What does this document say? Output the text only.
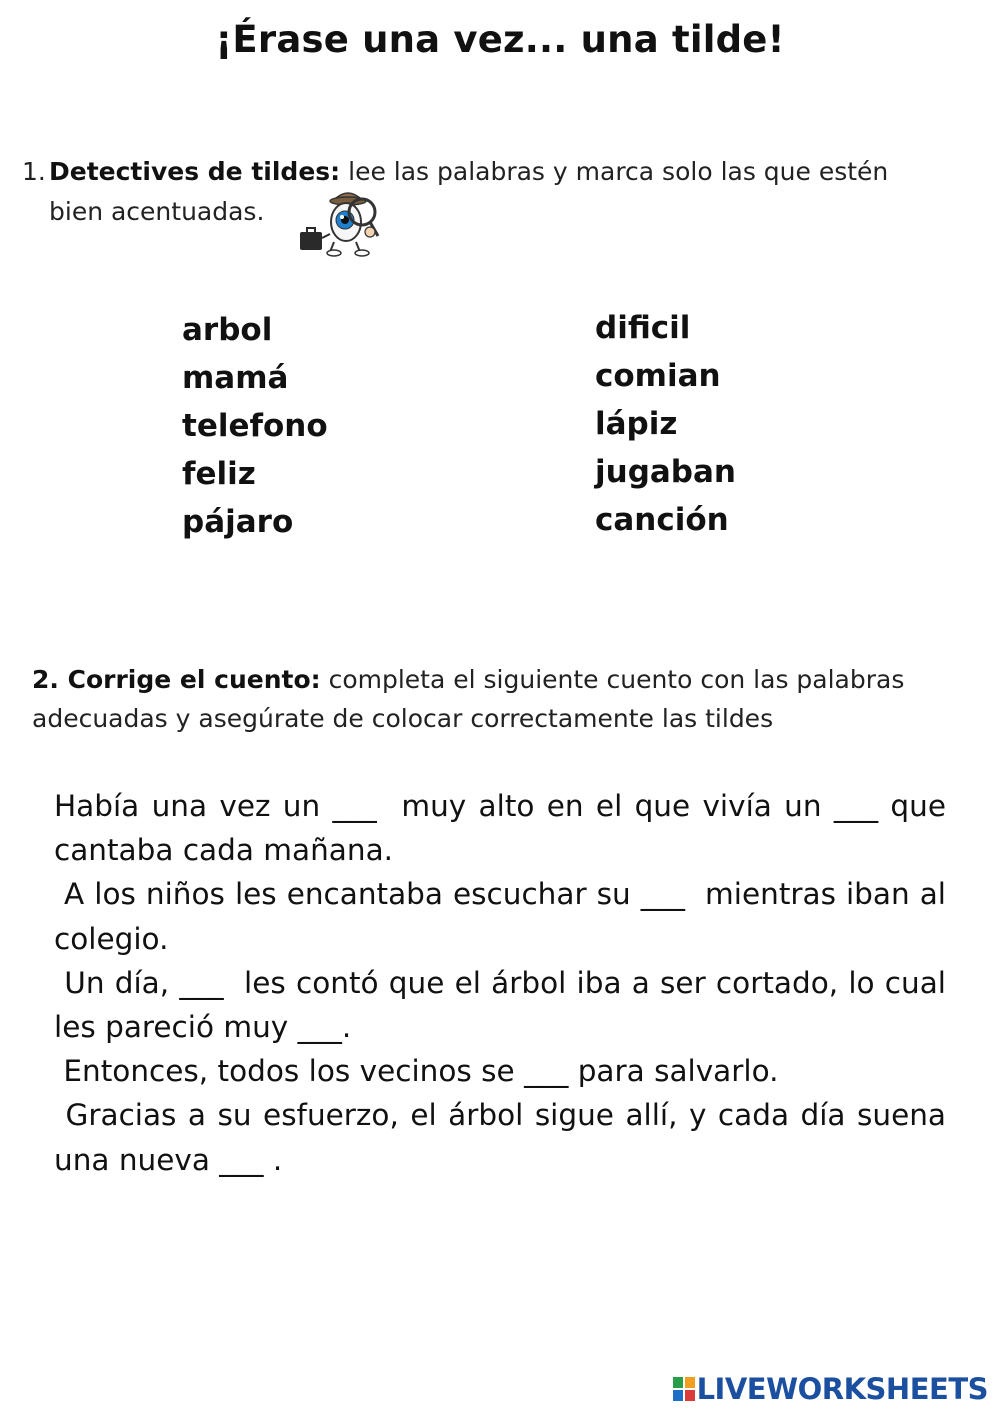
¡Érase una vez... una tilde!
1. Detectives de tildes: lee las palabras y marca solo las que estén bien acentuadas.
arbol
mamá
telefono
feliz
pájaro
dificil
comian
lápiz
jugaban
canción
2. Corrige el cuento: completa el siguiente cuento con las palabras adecuadas y asegúrate de colocar correctamente las tildes
Había una vez un ___  muy alto en el que vivía un ___ que cantaba cada mañana.
A los niños les encantaba escuchar su ___  mientras iban al colegio.
Un día, ___  les contó que el árbol iba a ser cortado, lo cual les pareció muy ___.
Entonces, todos los vecinos se ___ para salvarlo.
Gracias a su esfuerzo, el árbol sigue allí, y cada día suena una nueva ___ .
LIVEWORKSHEETS
